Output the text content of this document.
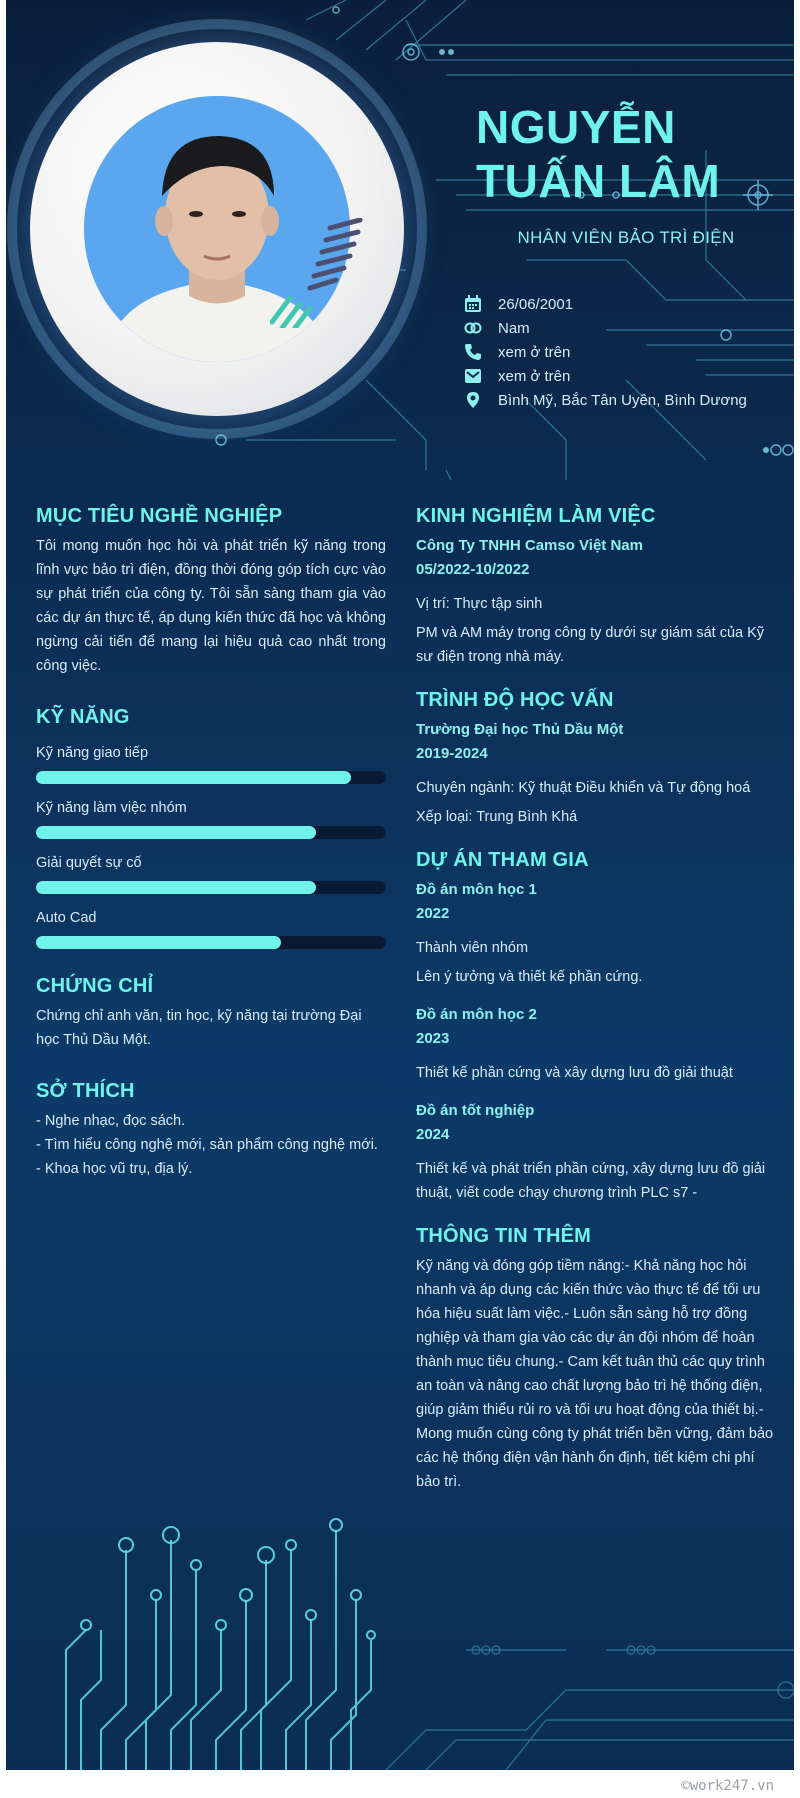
NGUYỄN TUẤN LÂM
NHÂN VIÊN BẢO TRÌ ĐIỆN
26/06/2001
Nam
xem ở trên
xem ở trên
Bình Mỹ, Bắc Tân Uyên, Bình Dương
MỤC TIÊU NGHỀ NGHIỆP

Tôi mong muốn học hỏi và phát triển kỹ năng trong lĩnh vực bảo trì điện, đồng thời đóng góp tích cực vào sự phát triển của công ty. Tôi sẵn sàng tham gia vào các dự án thực tế, áp dụng kiến thức đã học và không ngừng cải tiến để mang lại hiệu quả cao nhất trong công việc.

KỸ NĂNG
Kỹ năng giao tiếp
Kỹ năng làm việc nhóm
Giải quyết sự cố
Auto Cad
CHỨNG CHỈ

Chứng chỉ anh văn, tin học, kỹ năng tại trường Đại học Thủ Dầu Một.

SỞ THÍCH
- Nghe nhạc, đọc sách.
- Tìm hiểu công nghệ mới, sản phẩm công nghệ mới.
- Khoa học vũ trụ, địa lý.
KINH NGHIỆM LÀM VIỆC
Công Ty TNHH Camso Việt Nam
05/2022-10/2022
Vị trí: Thực tập sinh
PM và AM máy trong công ty dưới sự giám sát của Kỹ sư điện trong nhà máy.
TRÌNH ĐỘ HỌC VẤN
Trường Đại học Thủ Dầu Một
2019-2024
Chuyên ngành: Kỹ thuật Điều khiển và Tự động hoá
Xếp loại: Trung Bình Khá
DỰ ÁN THAM GIA
Đồ án môn học 1
2022
Thành viên nhóm
Lên ý tưởng và thiết kế phần cứng.
Đồ án môn học 2
2023
Thiết kế phần cứng và xây dựng lưu đồ giải thuật
Đồ án tốt nghiệp
2024
Thiết kế và phát triển phần cứng, xây dựng lưu đồ giải thuật, viết code chạy chương trình PLC s7 -
THÔNG TIN THÊM

Kỹ năng và đóng góp tiềm năng:- Khả năng học hỏi nhanh và áp dụng các kiến thức vào thực tế để tối ưu hóa hiệu suất làm việc.- Luôn sẵn sàng hỗ trợ đồng nghiệp và tham gia vào các dự án đội nhóm để hoàn thành mục tiêu chung.- Cam kết tuân thủ các quy trình an toàn và nâng cao chất lượng bảo trì hệ thống điện, giúp giảm thiểu rủi ro và tối ưu hoạt động của thiết bị.- Mong muốn cùng công ty phát triển bền vững, đảm bảo các hệ thống điện vận hành ổn định, tiết kiệm chi phí bảo trì.

©work247.vn
